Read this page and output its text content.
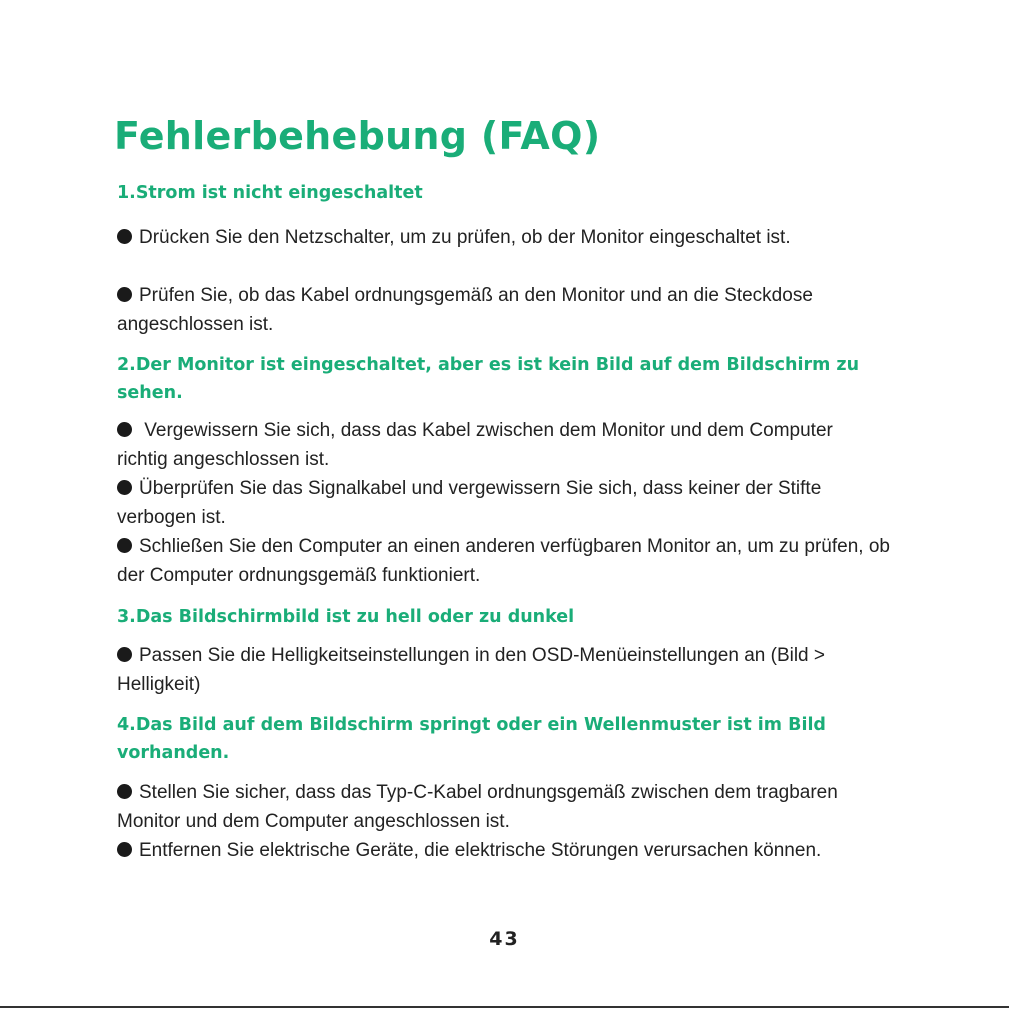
Fehlerbehebung (FAQ)
1.Strom ist nicht eingeschaltet

Drücken Sie den Netzschalter, um zu prüfen, ob der Monitor eingeschaltet ist.

Prüfen Sie, ob das Kabel ordnungsgemäß an den Monitor und an die Steckdose angeschlossen ist.

2.Der Monitor ist eingeschaltet, aber es ist kein Bild auf dem Bildschirm zu sehen.

Vergewissern Sie sich, dass das Kabel zwischen dem Monitor und dem Computer richtig angeschlossen ist.

Überprüfen Sie das Signalkabel und vergewissern Sie sich, dass keiner der Stifte verbogen ist.

Schließen Sie den Computer an einen anderen verfügbaren Monitor an, um zu prüfen, ob der Computer ordnungsgemäß funktioniert.

3.Das Bildschirmbild ist zu hell oder zu dunkel

Passen Sie die Helligkeitseinstellungen in den OSD-Menüeinstellungen an (Bild > Helligkeit)

4.Das Bild auf dem Bildschirm springt oder ein Wellenmuster ist im Bild vorhanden.

Stellen Sie sicher, dass das Typ-C-Kabel ordnungsgemäß zwischen dem tragbaren Monitor und dem Computer angeschlossen ist.

Entfernen Sie elektrische Geräte, die elektrische Störungen verursachen können.

43
